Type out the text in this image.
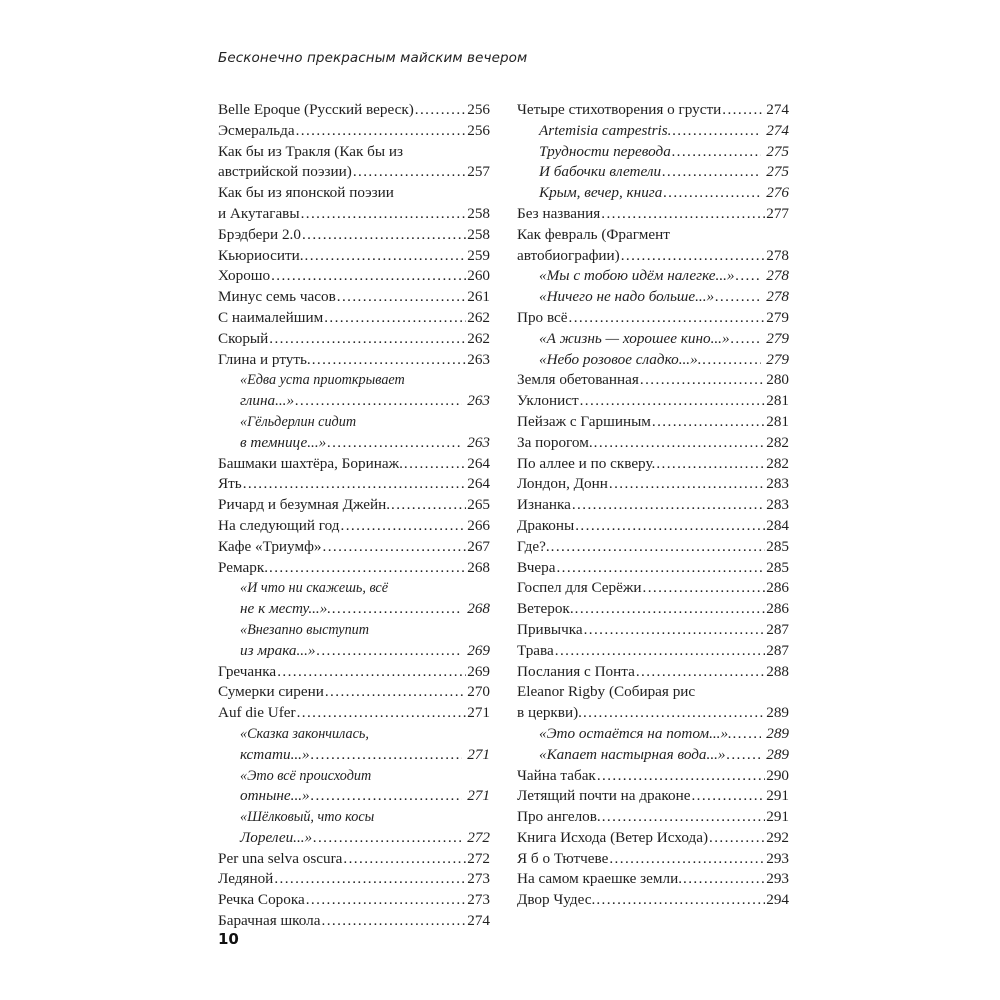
Бесконечно прекрасным майским вечером
Belle Epoque (Русский вереск) . . .	256
Эсмеральда . . .	256
Как бы из Тракля (Как бы из
австрийской поэзии) . . .	257
Как бы из японской поэзии
и Акутагавы . . .	258
Брэдбери 2.0 . . .	258
Кьюриосити. . . .	259
Хорошо . . .	260
Минус семь часов . . .	261
С наималейшим . . .	262
Скорый . . .	262
Глина и ртуть. . . .	263
«Едва уста приоткрывает
глина...» . . .	263
«Гёльдерлин сидит
в темнице...» . . .	263
Башмаки шахтёра, Боринаж. . . .	264
Ять . . .	264
Ричард и безумная Джейн. . . .	265
На следующий год . . .	266
Кафе «Триумф» . . .	267
Ремарк. . . .	268
«И что ни скажешь, всё
не к месту...». . . .	268
«Внезапно выступит
из мрака...» . . .	269
Гречанка . . .	269
Сумерки сирени . . .	270
Auf die Ufer . . .	271
«Сказка закончилась,
кстати...» . . .	271
«Это всё происходит
отныне...» . . .	271
«Шёлковый, что косы
Лорелеи...» . . .	272
Per una selva oscura . . .	272
Ледяной . . .	273
Речка Сорока . . .	273
Барачная школа . . .	274
Четыре стихотворения о грусти . . .	274
Artemisia campestris. . . .	274
Трудности перевода . . .	275
И бабочки влетели . . .	275
Крым, вечер, книга . . .	276
Без названия . . .	277
Как февраль (Фрагмент
автобиографии) . . .	278
«Мы с тобою идём налегке...» . . . 278
«Ничего не надо больше...» . . .	278
Про всё . . .	279
«А жизнь — хорошее кино...» . . . 279
«Небо розовое сладко...». . . .	279
Земля обетованная . . .	280
Уклонист . . .	281
Пейзаж с Гаршиным . . .	281
За порогом. . . .	282
По аллее и по скверу. . . .	282
Лондон, Донн . . .	283
Изнанка . . .	283
Драконы . . .	284
Где?. . . .	285
Вчера . . .	285
Госпел для Серёжи . . .	286
Ветерок. . . .	286
Привычка . . .	287
Трава . . .	287
Послания с Понта . . .	288
Eleanor Rigby (Собирая рис
в церкви). . . .	289
«Это остаётся на потом...». . . . 289
«Капает настырная вода...» . . .	289
Чайна табак . . .	290
Летящий почти на драконе . . .	291
Про ангелов. . . .	291
Книга Исхода (Ветер Исхода) . . .	292
Я б о Тютчеве . . .	293
На самом краешке земли. . . .	293
Двор Чудес. . . .	294
10
